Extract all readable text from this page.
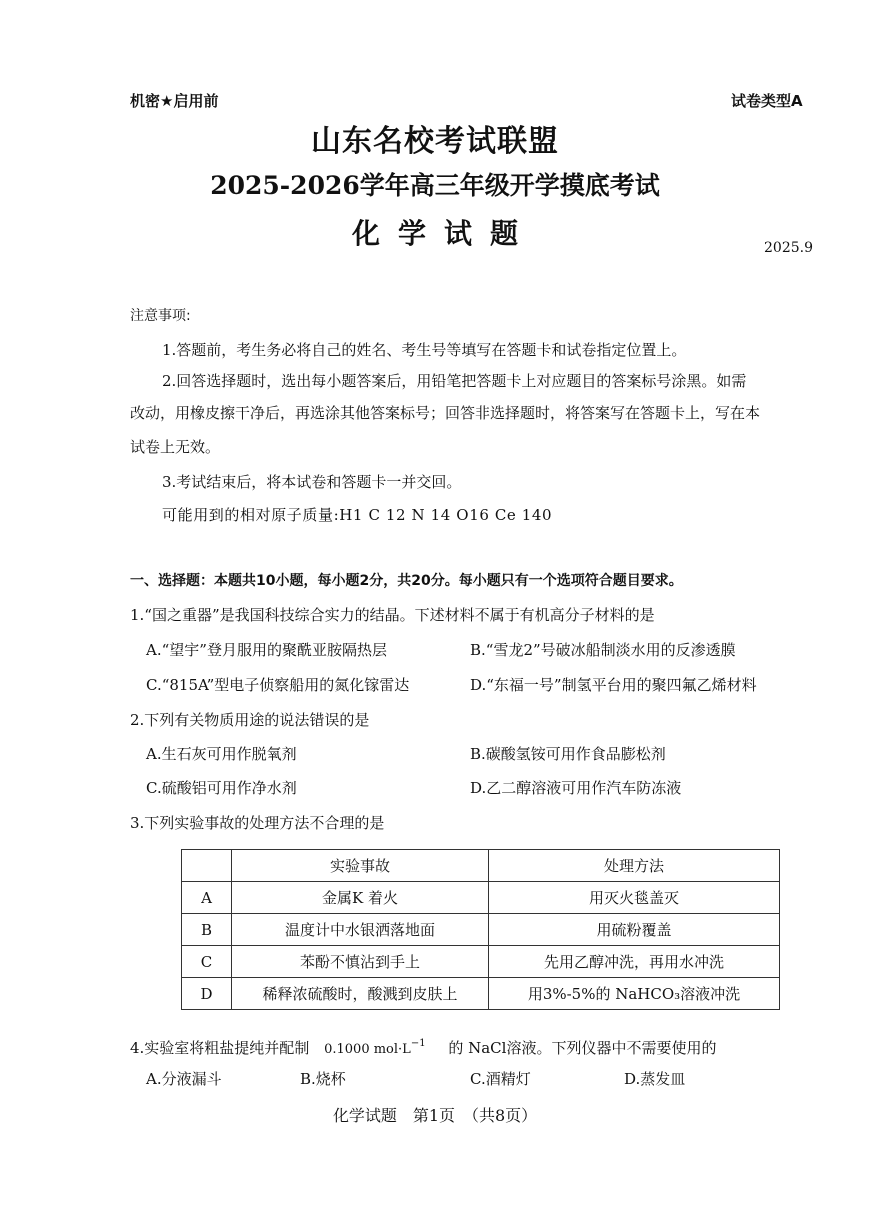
机密★启用前	试卷类型A
山东名校考试联盟
2025-2026学年高三年级开学摸底考试
化学试题	2025.9
注意事项:
1.答题前，考生务必将自己的姓名、考生号等填写在答题卡和试卷指定位置上。
2.回答选择题时，选出每小题答案后，用铅笔把答题卡上对应题目的答案标号涂黑。如需
改动，用橡皮擦干净后，再选涂其他答案标号；回答非选择题时，将答案写在答题卡上，写在本
试卷上无效。
3.考试结束后，将本试卷和答题卡一并交回。
可能用到的相对原子质量:H1 C 12 N 14 O16 Ce 140
一、选择题：本题共10小题，每小题2分，共20分。每小题只有一个选项符合题目要求。
1.“国之重器”是我国科技综合实力的结晶。下述材料不属于有机高分子材料的是
A.“望宇”登月服用的聚酰亚胺隔热层	B.“雪龙2”号破冰船制淡水用的反渗透膜
C.“815A”型电子侦察船用的氮化镓雷达	D.“东福一号”制氢平台用的聚四氟乙烯材料
2.下列有关物质用途的说法错误的是
A.生石灰可用作脱氧剂	B.碳酸氢铵可用作食品膨松剂
C.硫酸铝可用作净水剂	D.乙二醇溶液可用作汽车防冻液
3.下列实验事故的处理方法不合理的是
	实验事故	处理方法
A	金属K 着火	用灭火毯盖灭
B	温度计中水银洒落地面	用硫粉覆盖
C	苯酚不慎沾到手上	先用乙醇冲洗，再用水冲洗
D	稀释浓硫酸时，酸溅到皮肤上	用3%-5%的 NaHCO₃溶液冲洗
4.实验室将粗盐提纯并配制 0.1000 $mol\cdot L^{-1}$ 的 NaCl溶液。下列仪器中不需要使用的
A.分液漏斗	B.烧杯	C.酒精灯	D.蒸发皿
化学试题　第1页　（共8页）
